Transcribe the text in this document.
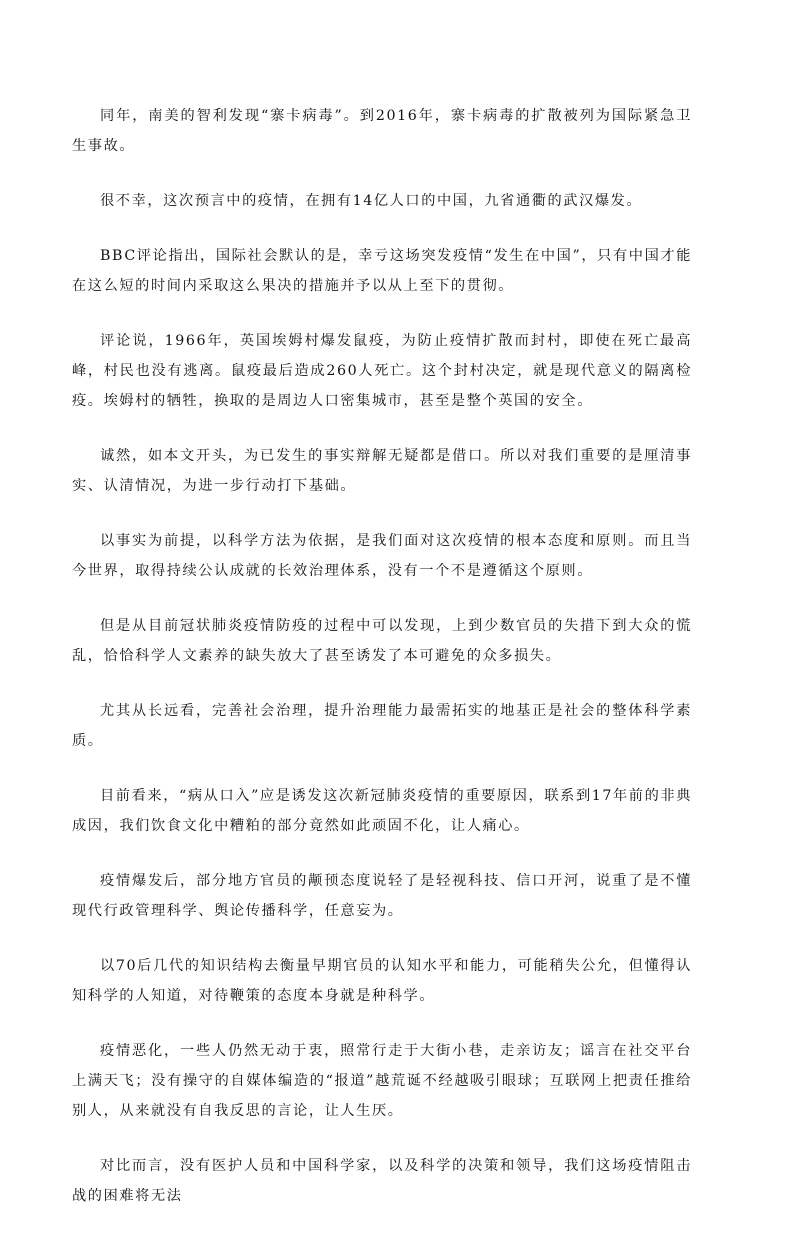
同年，南美的智利发现“寨卡病毒”。到2016年，寨卡病毒的扩散被列为国际紧急卫生事故。

很不幸，这次预言中的疫情，在拥有14亿人口的中国，九省通衢的武汉爆发。

BBC评论指出，国际社会默认的是，幸亏这场突发疫情“发生在中国”，只有中国才能在这么短的时间内采取这么果决的措施并予以从上至下的贯彻。

评论说，1966年，英国埃姆村爆发鼠疫，为防止疫情扩散而封村，即使在死亡最高峰，村民也没有逃离。鼠疫最后造成260人死亡。这个封村决定，就是现代意义的隔离检疫。埃姆村的牺牲，换取的是周边人口密集城市，甚至是整个英国的安全。

诚然，如本文开头，为已发生的事实辩解无疑都是借口。所以对我们重要的是厘清事实、认清情况，为进一步行动打下基础。

以事实为前提，以科学方法为依据，是我们面对这次疫情的根本态度和原则。而且当今世界，取得持续公认成就的长效治理体系，没有一个不是遵循这个原则。

但是从目前冠状肺炎疫情防疫的过程中可以发现，上到少数官员的失措下到大众的慌乱，恰恰科学人文素养的缺失放大了甚至诱发了本可避免的众多损失。

尤其从长远看，完善社会治理，提升治理能力最需拓实的地基正是社会的整体科学素质。

目前看来，“病从口入”应是诱发这次新冠肺炎疫情的重要原因，联系到17年前的非典成因，我们饮食文化中糟粕的部分竟然如此顽固不化，让人痛心。

疫情爆发后，部分地方官员的颟顸态度说轻了是轻视科技、信口开河，说重了是不懂现代行政管理科学、舆论传播科学，任意妄为。

以70后几代的知识结构去衡量早期官员的认知水平和能力，可能稍失公允，但懂得认知科学的人知道，对待鞭策的态度本身就是种科学。

疫情恶化，一些人仍然无动于衷，照常行走于大街小巷，走亲访友；谣言在社交平台上满天飞；没有操守的自媒体编造的“报道”越荒诞不经越吸引眼球；互联网上把责任推给别人，从来就没有自我反思的言论，让人生厌。

对比而言，没有医护人员和中国科学家，以及科学的决策和领导，我们这场疫情阻击战的困难将无法
